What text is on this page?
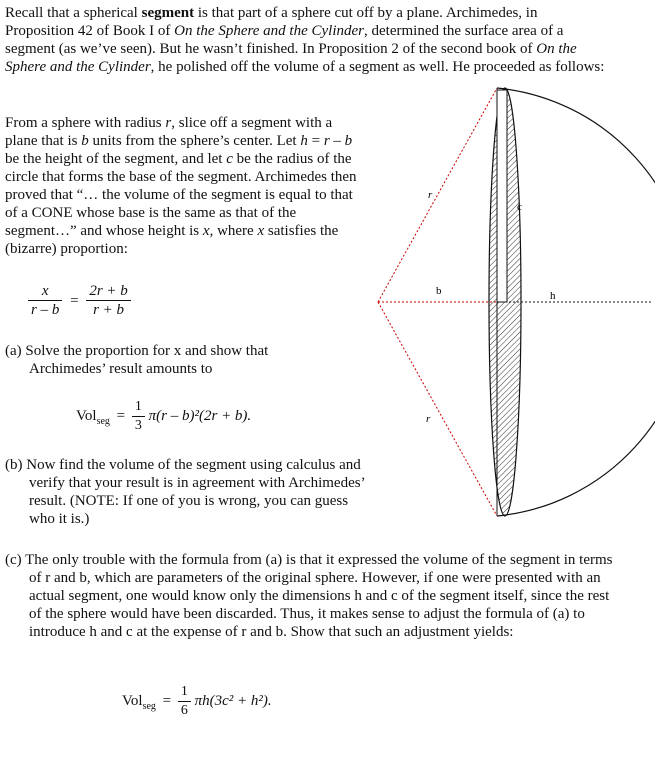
Recall that a spherical segment is that part of a sphere cut off by a plane. Archimedes, in Proposition 42 of Book I of On the Sphere and the Cylinder, determined the surface area of a segment (as we’ve seen). But he wasn’t finished. In Proposition 2 of the second book of On the Sphere and the Cylinder, he polished off the volume of a segment as well. He proceeded as follows:

From a sphere with radius r, slice off a segment with a plane that is b units from the sphere’s center. Let h = r – b be the height of the segment, and let c be the radius of the circle that forms the base of the segment. Archimedes then proved that “… the volume of the segment is equal to that of a CONE whose base is the same as that of the segment…” and whose height is x, where x satisfies the (bizarre) proportion:

$\frac{x}{r - b} = \frac{2r + b}{r + b}$

(a) Solve the proportion for x and show that Archimedes’ result amounts to

$Vol_{seg} = \frac{1}{3} \pi(r - b)^2(2r + b)$.

(b) Now find the volume of the segment using calculus and verify that your result is in agreement with Archimedes’ result. (NOTE: If one of you is wrong, you can guess who it is.)

(c) The only trouble with the formula from (a) is that it expressed the volume of the segment in terms of r and b, which are parameters of the original sphere. However, if one were presented with an actual segment, one would know only the dimensions h and c of the segment itself, since the rest of the sphere would have been discarded. Thus, it makes sense to adjust the formula of (a) to introduce h and c at the expense of r and b. Show that such an adjustment yields:

$Vol_{seg} = \frac{1}{6} \pi h(3c^2 + h^2)$.
r
r
b
c
h
